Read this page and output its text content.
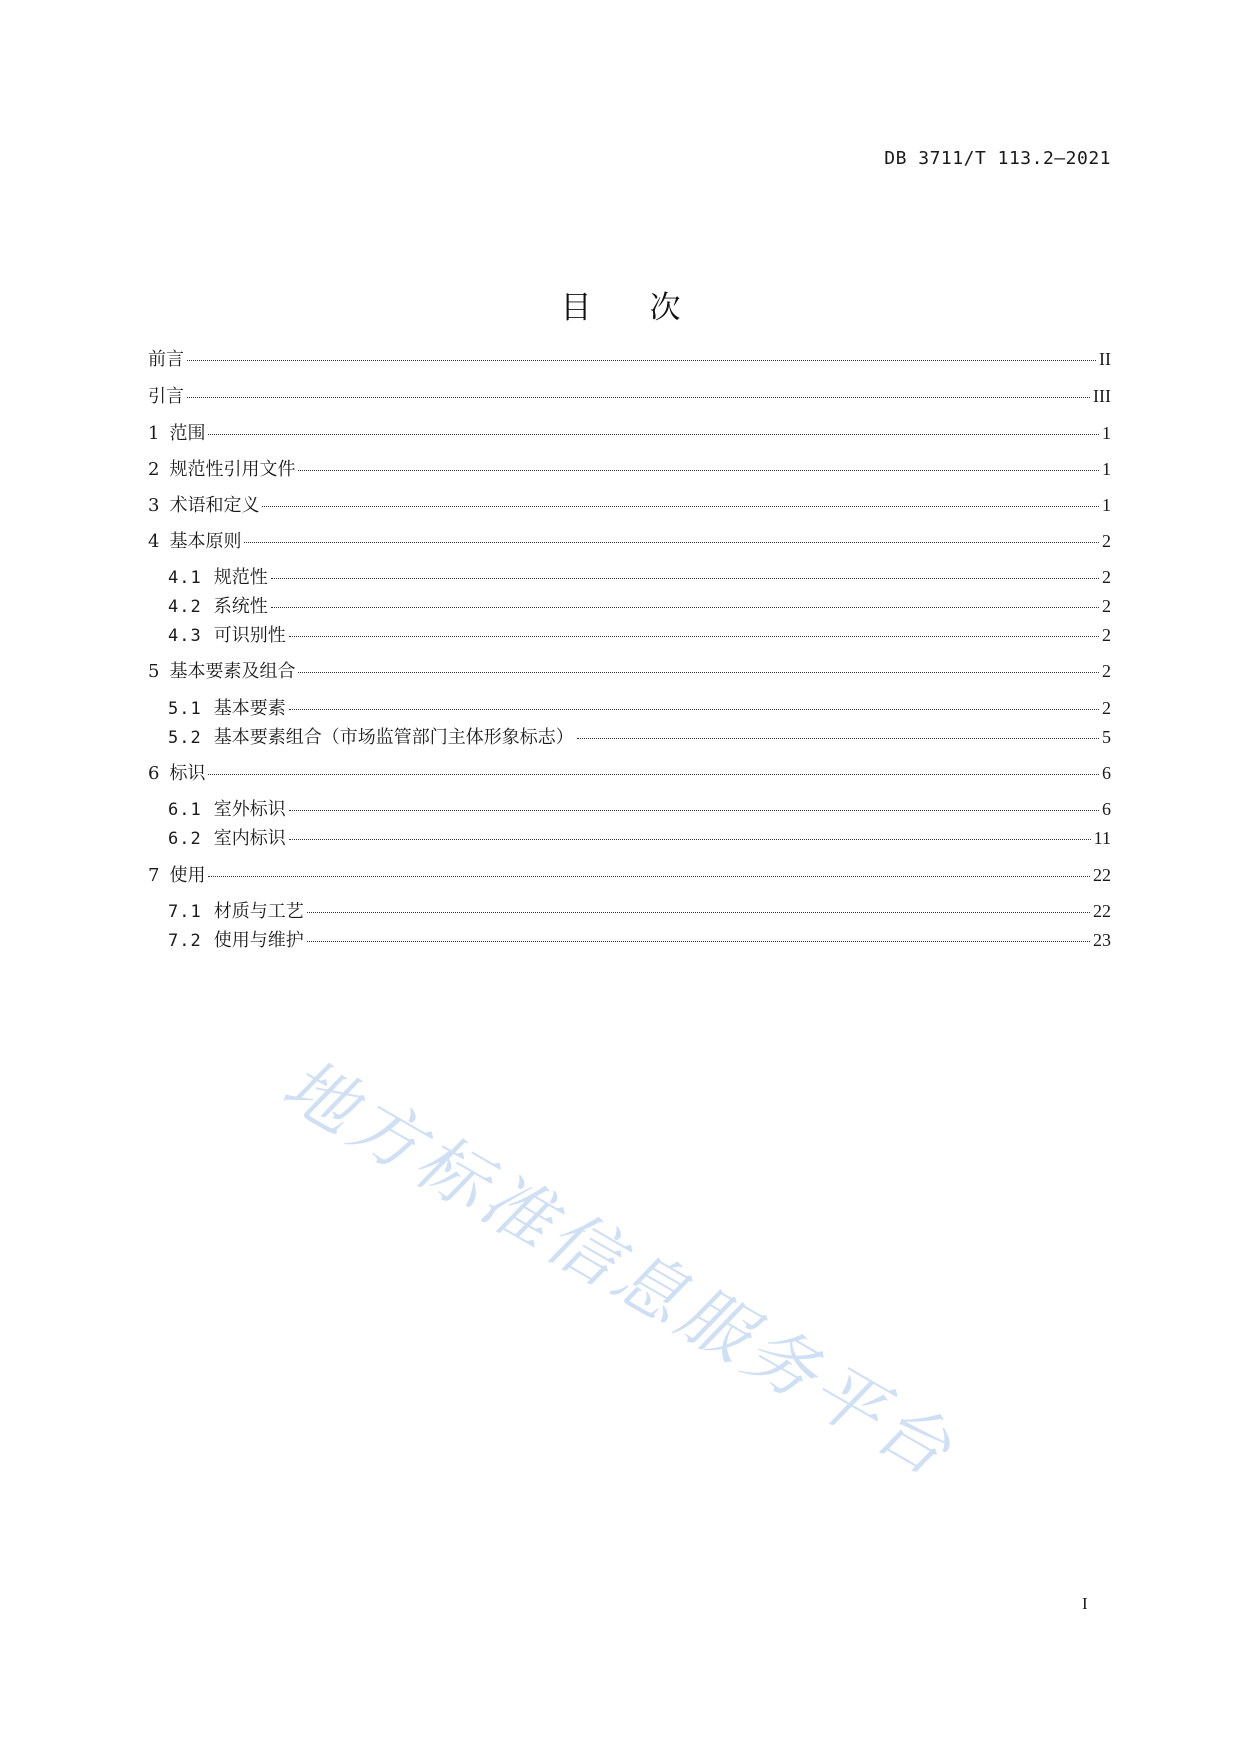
DB 3711/T 113.2—2021
目次
前言	II
引言	III
1 范围	1
2 规范性引用文件	1
3 术语和定义	1
4 基本原则	2
4.1 规范性	2
4.2 系统性	2
4.3 可识别性	2
5 基本要素及组合	2
5.1 基本要素	2
5.2 基本要素组合（市场监管部门主体形象标志）	5
6 标识	6
6.1 室外标识	6
6.2 室内标识	11
7 使用	22
7.1 材质与工艺	22
7.2 使用与维护	23
地方标准信息服务平台
I
